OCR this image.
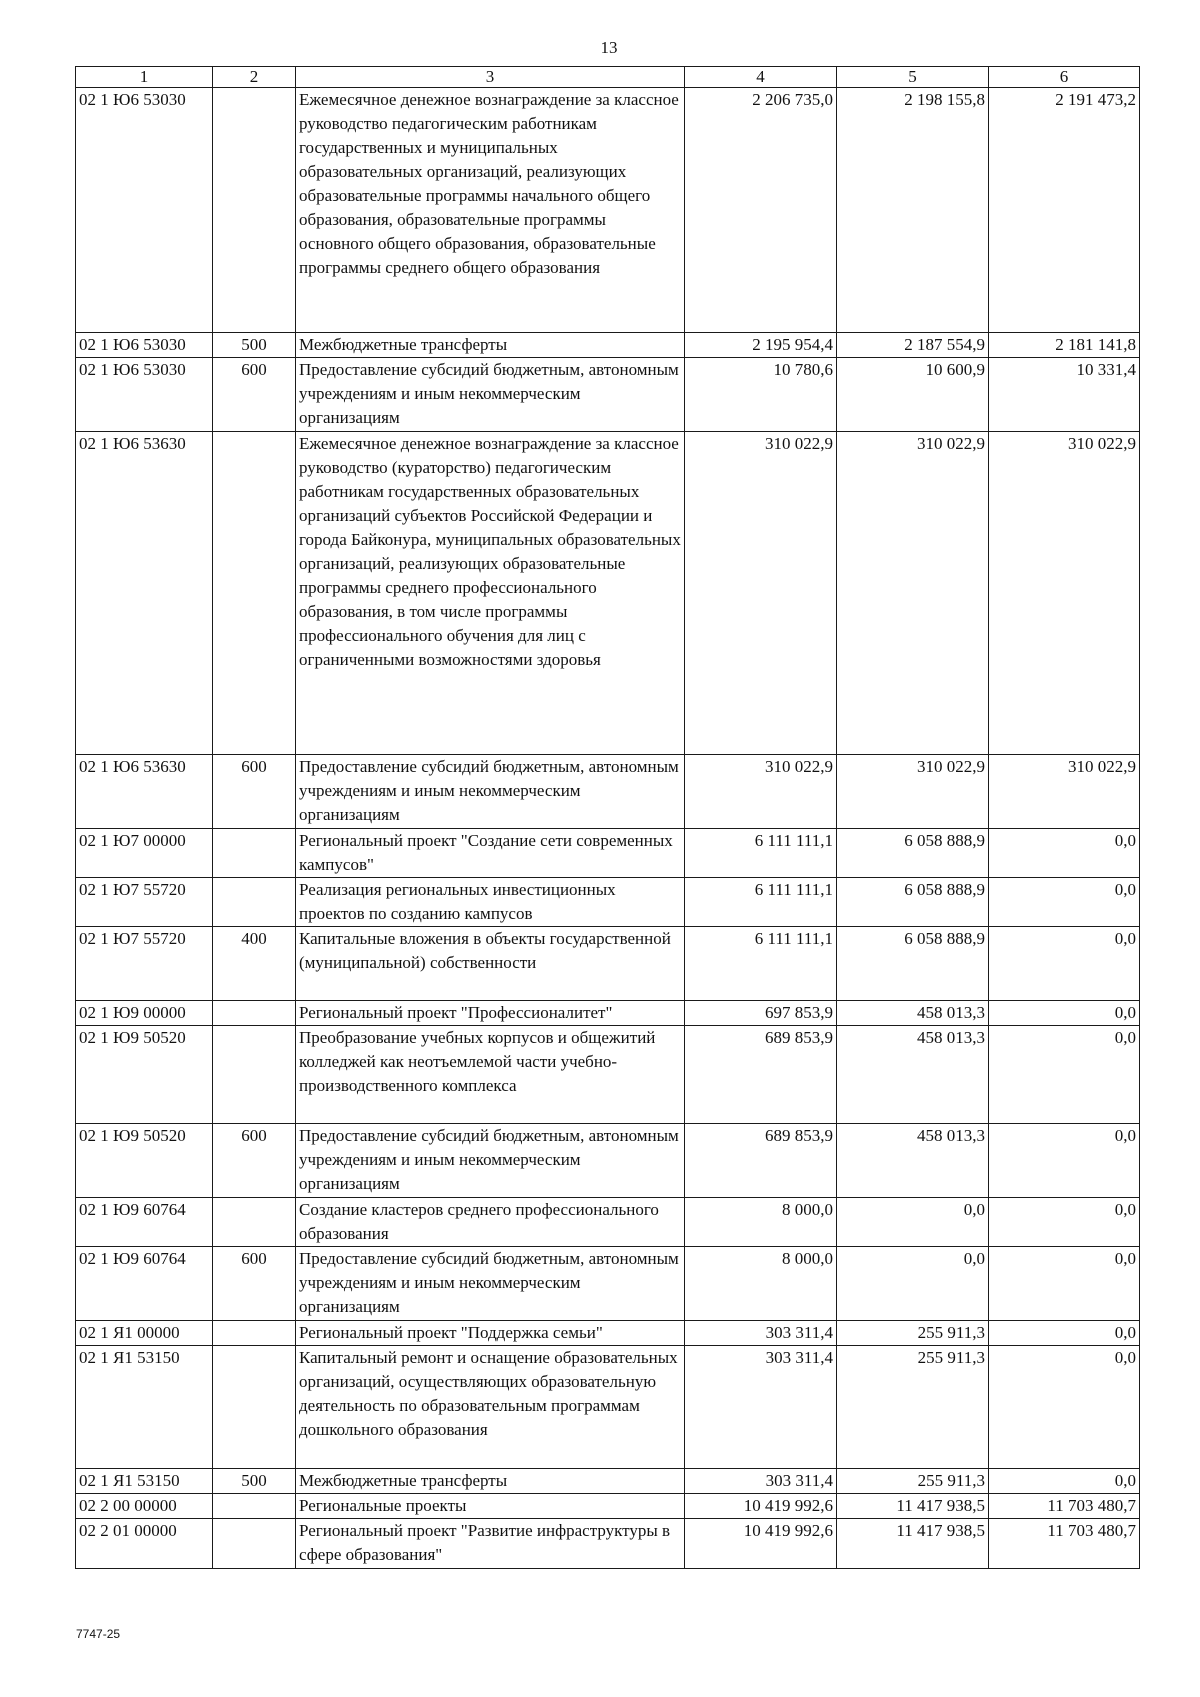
13
1	2	3	4	5	6
02 1 Ю6 53030		Ежемесячное денежное вознаграждение за классное руководство педагогическим работникам государственных и муниципальных образовательных организаций, реализующих образовательные программы начального общего образования, образовательные программы основного общего образования, образовательные программы среднего общего образования	2 206 735,0	2 198 155,8	2 191 473,2
02 1 Ю6 53030	500	Межбюджетные трансферты	2 195 954,4	2 187 554,9	2 181 141,8
02 1 Ю6 53030	600	Предоставление субсидий бюджетным, автономным учреждениям и иным некоммерческим организациям	10 780,6	10 600,9	10 331,4
02 1 Ю6 53630		Ежемесячное денежное вознаграждение за классное руководство (кураторство) педагогическим работникам государственных образовательных организаций субъектов Российской Федерации и города Байконура, муниципальных образовательных организаций, реализующих образовательные программы среднего профессионального образования, в том числе программы профессионального обучения для лиц с ограниченными возможностями здоровья	310 022,9	310 022,9	310 022,9
02 1 Ю6 53630	600	Предоставление субсидий бюджетным, автономным учреждениям и иным некоммерческим организациям	310 022,9	310 022,9	310 022,9
02 1 Ю7 00000		Региональный проект "Создание сети современных кампусов"	6 111 111,1	6 058 888,9	0,0
02 1 Ю7 55720		Реализация региональных инвестиционных проектов по созданию кампусов	6 111 111,1	6 058 888,9	0,0
02 1 Ю7 55720	400	Капитальные вложения в объекты государственной (муниципальной) собственности	6 111 111,1	6 058 888,9	0,0
02 1 Ю9 00000		Региональный проект "Профессионалитет"	697 853,9	458 013,3	0,0
02 1 Ю9 50520		Преобразование учебных корпусов и общежитий колледжей как неотъемлемой части учебно-производственного комплекса	689 853,9	458 013,3	0,0
02 1 Ю9 50520	600	Предоставление субсидий бюджетным, автономным учреждениям и иным некоммерческим организациям	689 853,9	458 013,3	0,0
02 1 Ю9 60764		Создание кластеров среднего профессионального образования	8 000,0	0,0	0,0
02 1 Ю9 60764	600	Предоставление субсидий бюджетным, автономным учреждениям и иным некоммерческим организациям	8 000,0	0,0	0,0
02 1 Я1 00000		Региональный проект "Поддержка семьи"	303 311,4	255 911,3	0,0
02 1 Я1 53150		Капитальный ремонт и оснащение образовательных организаций, осуществляющих образовательную деятельность по образовательным программам дошкольного образования	303 311,4	255 911,3	0,0
02 1 Я1 53150	500	Межбюджетные трансферты	303 311,4	255 911,3	0,0
02 2 00 00000		Региональные проекты	10 419 992,6	11 417 938,5	11 703 480,7
02 2 01 00000		Региональный проект "Развитие инфраструктуры в сфере образования"	10 419 992,6	11 417 938,5	11 703 480,7
7747-25
